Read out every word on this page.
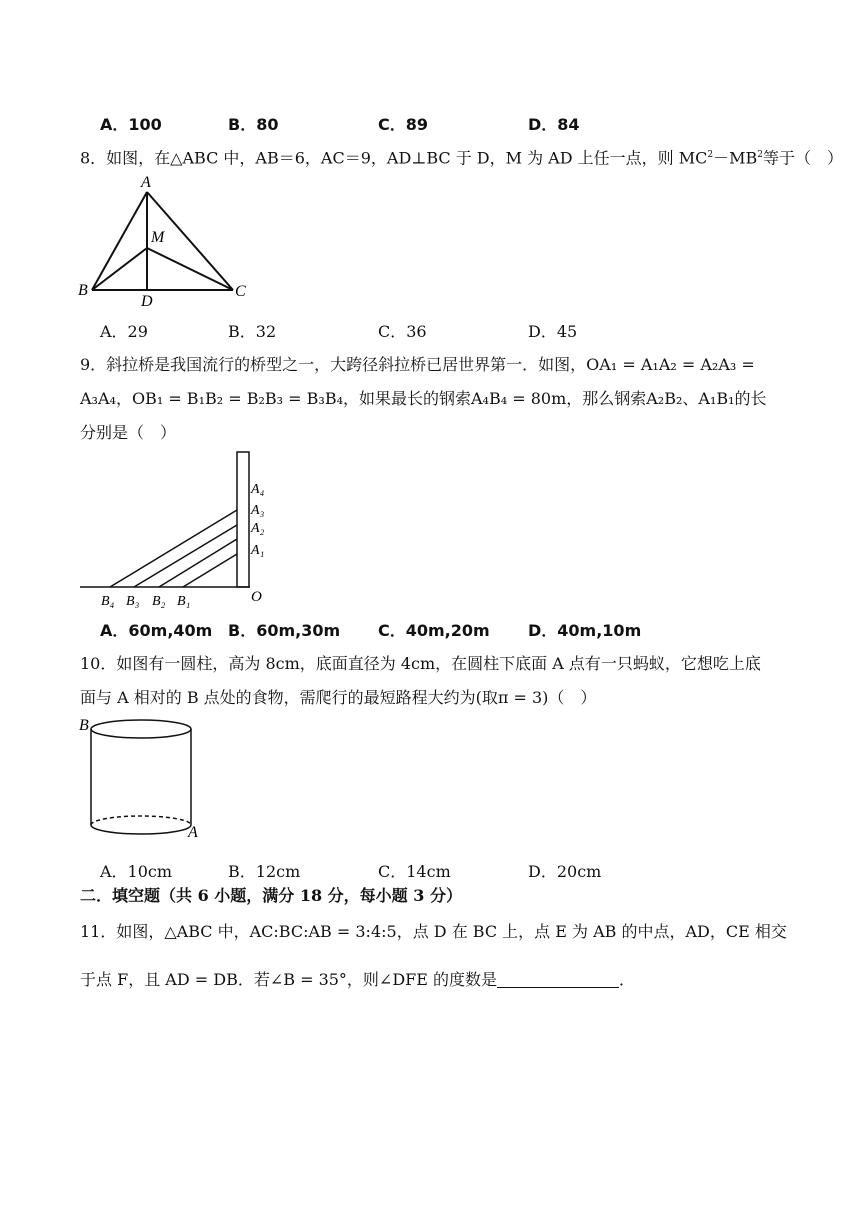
A．100	B．80	C．89	D．84
8．如图，在△ABC 中，AB＝6，AC＝9，AD⊥BC 于 D，M 为 AD 上任一点，则 $MC^2-MB^2$等于（　）
A
M
B	C
D
A．29	B．32	C．36	D．45
9．斜拉桥是我国流行的桥型之一，大跨径斜拉桥已居世界第一．如图，OA₁ = A₁A₂ = A₂A₃ =
A₃A₄，OB₁ = B₁B₂ = B₂B₃ = B₃B₄，如果最长的钢索A₄B₄ = 80m，那么钢索A₂B₂、A₁B₁的长
分别是（　）
A₄
A₃
A₂
A₁
O
B₄ B₃ B₂ B₁
A．60m,40m B．60m,30m C．40m,20m D．40m,10m
10．如图有一圆柱，高为 8cm，底面直径为 4cm，在圆柱下底面 A 点有一只蚂蚁，它想吃上底
面与 A 相对的 B 点处的食物，需爬行的最短路程大约为(取π = 3)（　）
B
A
A．10cm	B．12cm	C．14cm	D．20cm
二．填空题（共 6 小题，满分 18 分，每小题 3 分）
11．如图，△ABC 中，AC:BC:AB = 3:4:5，点 D 在 BC 上，点 E 为 AB 的中点，AD，CE 相交
于点 F，且 AD = DB．若∠B = 35°，则∠DFE 的度数是	．
